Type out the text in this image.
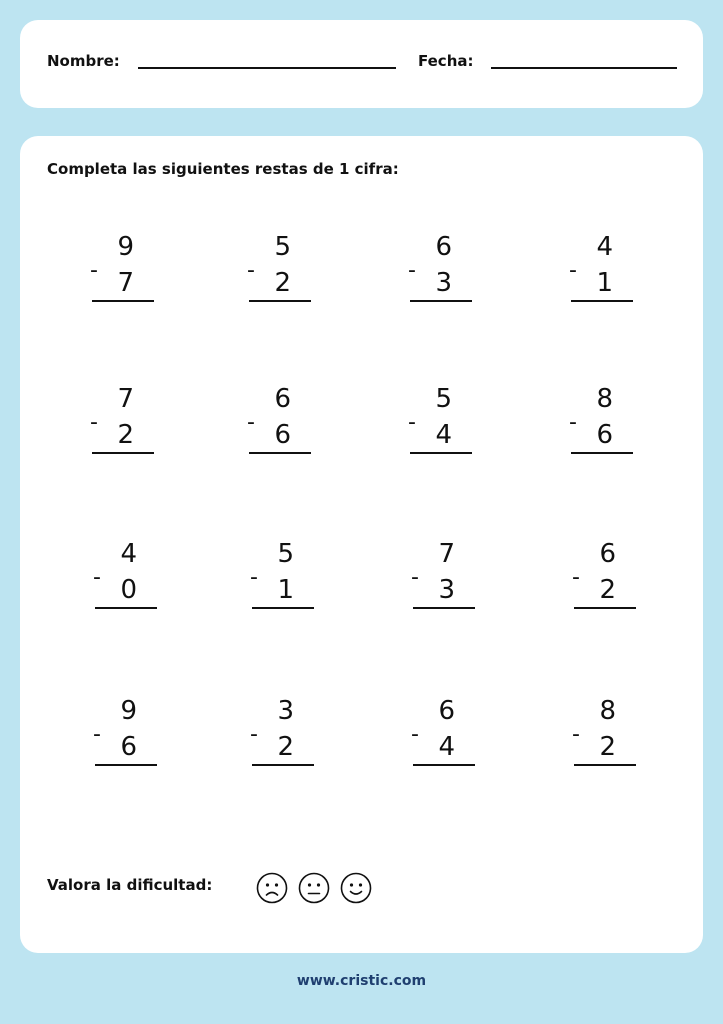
Nombre:	Fecha:
Completa las siguientes restas de 1 cifra:
9
- 7
5
- 2
6
- 3
4
- 1
7
- 2
6
- 6
5
- 4
8
- 6
4
- 0
5
- 1
7
- 3
6
- 2
9
- 6
3
- 2
6
- 4
8
- 2
Valora la dificultad:
www.cristic.com
